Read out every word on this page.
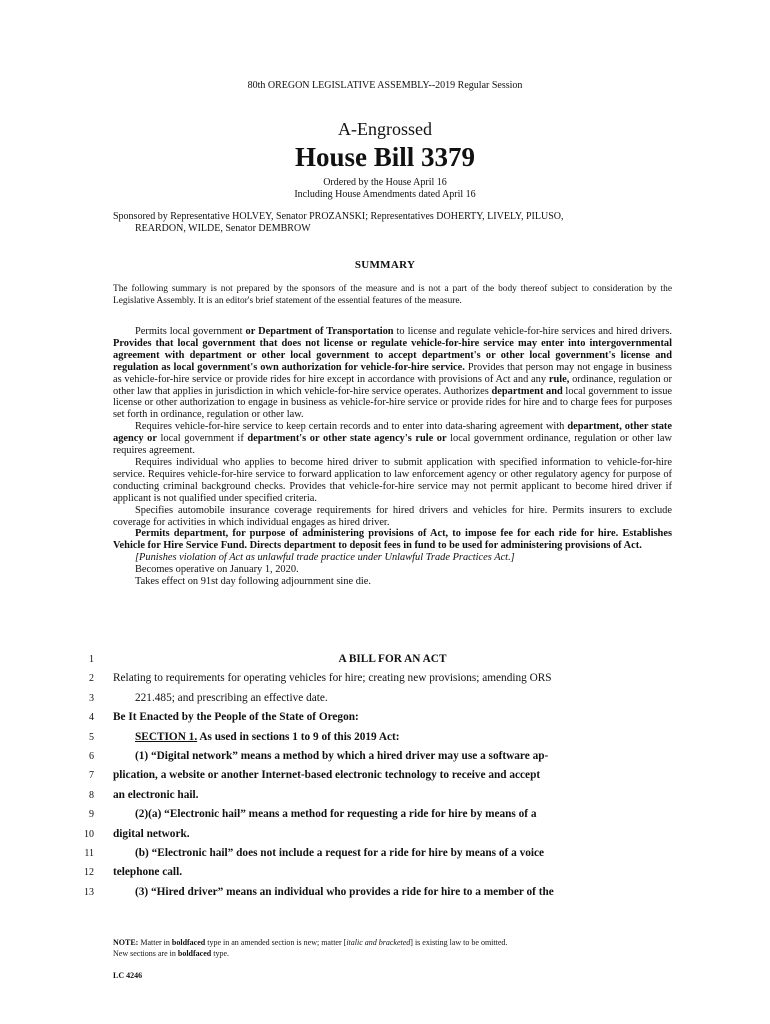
80th OREGON LEGISLATIVE ASSEMBLY--2019 Regular Session
A-Engrossed
House Bill 3379
Ordered by the House April 16
Including House Amendments dated April 16
Sponsored by Representative HOLVEY, Senator PROZANSKI; Representatives DOHERTY, LIVELY, PILUSO,
REARDON, WILDE, Senator DEMBROW
SUMMARY
The following summary is not prepared by the sponsors of the measure and is not a part of the body thereof subject to consideration by the Legislative Assembly. It is an editor's brief statement of the essential features of the measure.

Permits local government or Department of Transportation to license and regulate vehicle-for-hire services and hired drivers. Provides that local government that does not license or regulate vehicle-for-hire service may enter into intergovernmental agreement with department or other local government to accept department's or other local government's license and regulation as local government's own authorization for vehicle-for-hire service. Provides that person may not engage in business as vehicle-for-hire service or provide rides for hire except in accordance with provisions of Act and any rule, ordinance, regulation or other law that applies in jurisdiction in which vehicle-for-hire service operates. Authorizes department and local government to issue license or other authorization to engage in business as vehicle-for-hire service or provide rides for hire and to charge fees for purposes set forth in ordinance, regulation or other law.

Requires vehicle-for-hire service to keep certain records and to enter into data-sharing agreement with department, other state agency or local government if department's or other state agency's rule or local government ordinance, regulation or other law requires agreement.

Requires individual who applies to become hired driver to submit application with specified information to vehicle-for-hire service. Requires vehicle-for-hire service to forward application to law enforcement agency or other regulatory agency for purpose of conducting criminal background checks. Provides that vehicle-for-hire service may not permit applicant to become hired driver if applicant is not qualified under specified criteria.

Specifies automobile insurance coverage requirements for hired drivers and vehicles for hire. Permits insurers to exclude coverage for activities in which individual engages as hired driver.

Permits department, for purpose of administering provisions of Act, to impose fee for each ride for hire. Establishes Vehicle for Hire Service Fund. Directs department to deposit fees in fund to be used for administering provisions of Act.

[Punishes violation of Act as unlawful trade practice under Unlawful Trade Practices Act.]

Becomes operative on January 1, 2020.

Takes effect on 91st day following adjournment sine die.

1	A BILL FOR AN ACT
2 Relating to requirements for operating vehicles for hire; creating new provisions; amending ORS
3	221.485; and prescribing an effective date.
4 Be It Enacted by the People of the State of Oregon:
5	SECTION 1. As used in sections 1 to 9 of this 2019 Act:
6	(1) “Digital network” means a method by which a hired driver may use a software ap-
7 plication, a website or another Internet-based electronic technology to receive and accept
8 an electronic hail.
9	(2)(a) “Electronic hail” means a method for requesting a ride for hire by means of a
10 digital network.
11	(b) “Electronic hail” does not include a request for a ride for hire by means of a voice
12 telephone call.
13	(3) “Hired driver” means an individual who provides a ride for hire to a member of the
NOTE: Matter in boldfaced type in an amended section is new; matter [italic and bracketed] is existing law to be omitted.
New sections are in boldfaced type.
LC 4246
